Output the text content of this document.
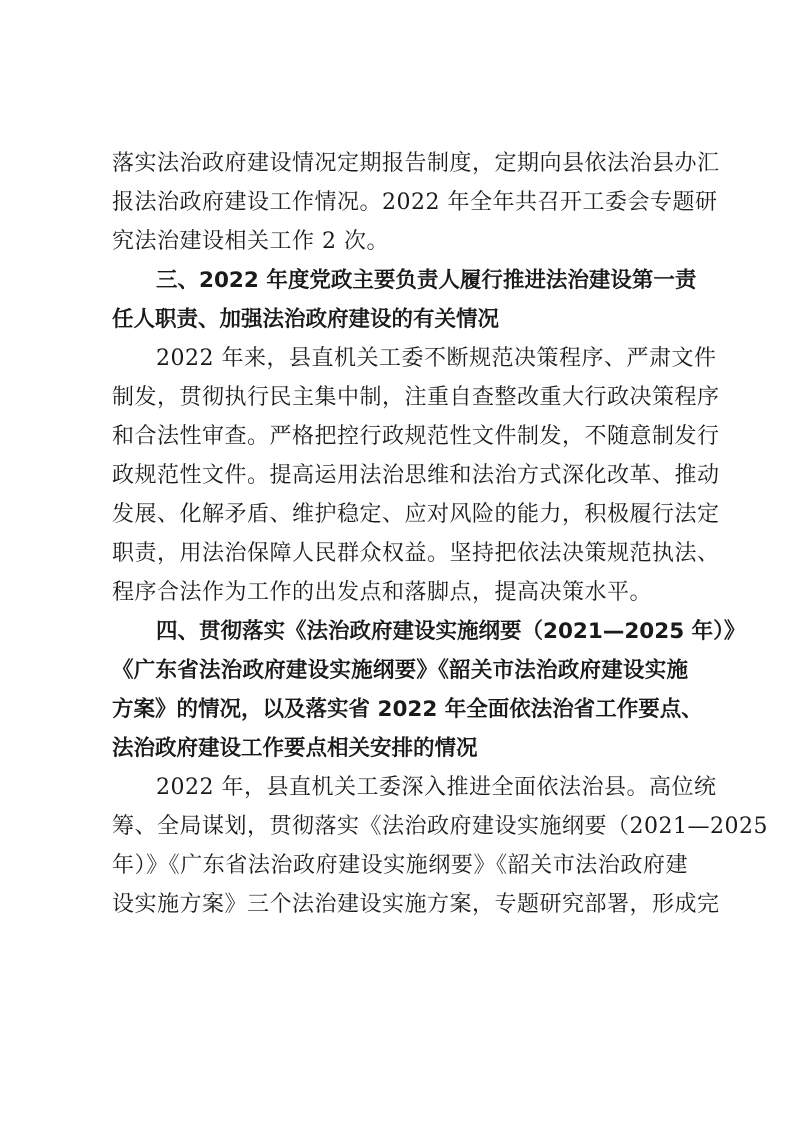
落实法治政府建设情况定期报告制度，定期向县依法治县办汇
报法治政府建设工作情况。2022 年全年共召开工委会专题研
究法治建设相关工作 2 次。
三、2022 年度党政主要负责人履行推进法治建设第一责
任人职责、加强法治政府建设的有关情况
2022 年来，县直机关工委不断规范决策程序、严肃文件
制发，贯彻执行民主集中制，注重自查整改重大行政决策程序
和合法性审查。严格把控行政规范性文件制发，不随意制发行
政规范性文件。提高运用法治思维和法治方式深化改革、推动
发展、化解矛盾、维护稳定、应对风险的能力，积极履行法定
职责，用法治保障人民群众权益。坚持把依法决策规范执法、
程序合法作为工作的出发点和落脚点，提高决策水平。
四、贯彻落实《法治政府建设实施纲要（2021—2025 年）》
《广东省法治政府建设实施纲要》《韶关市法治政府建设实施
方案》的情况，以及落实省 2022 年全面依法治省工作要点、
法治政府建设工作要点相关安排的情况
2022 年，县直机关工委深入推进全面依法治县。高位统
筹、全局谋划，贯彻落实《法治政府建设实施纲要（2021—2025
年）》《广东省法治政府建设实施纲要》《韶关市法治政府建
设实施方案》三个法治建设实施方案，专题研究部署，形成完
